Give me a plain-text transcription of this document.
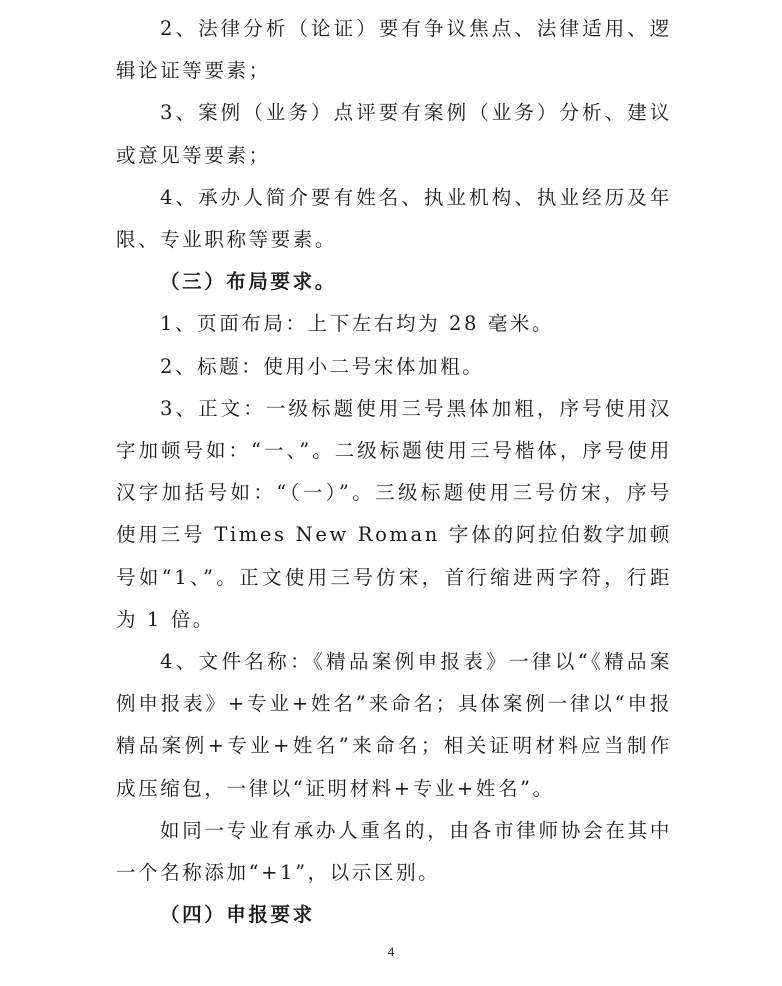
2、法律分析（论证）要有争议焦点、法律适用、逻辑论证等要素；

3、案例（业务）点评要有案例（业务）分析、建议或意见等要素；

4、承办人简介要有姓名、执业机构、执业经历及年限、专业职称等要素。

（三）布局要求。

1、页面布局：上下左右均为 28 毫米。

2、标题：使用小二号宋体加粗。

3、正文：一级标题使用三号黑体加粗，序号使用汉字加顿号如：“一、”。二级标题使用三号楷体，序号使用汉字加括号如：“（一）”。三级标题使用三号仿宋，序号使用三号 Times New Roman 字体的阿拉伯数字加顿号如“1、”。正文使用三号仿宋，首行缩进两字符，行距为 1 倍。

4、文件名称：《精品案例申报表》一律以“《精品案例申报表》+专业+姓名”来命名；具体案例一律以“申报精品案例+专业+姓名”来命名；相关证明材料应当制作成压缩包，一律以“证明材料+专业+姓名”。

如同一专业有承办人重名的，由各市律师协会在其中一个名称添加“+1”，以示区别。

（四）申报要求

4
